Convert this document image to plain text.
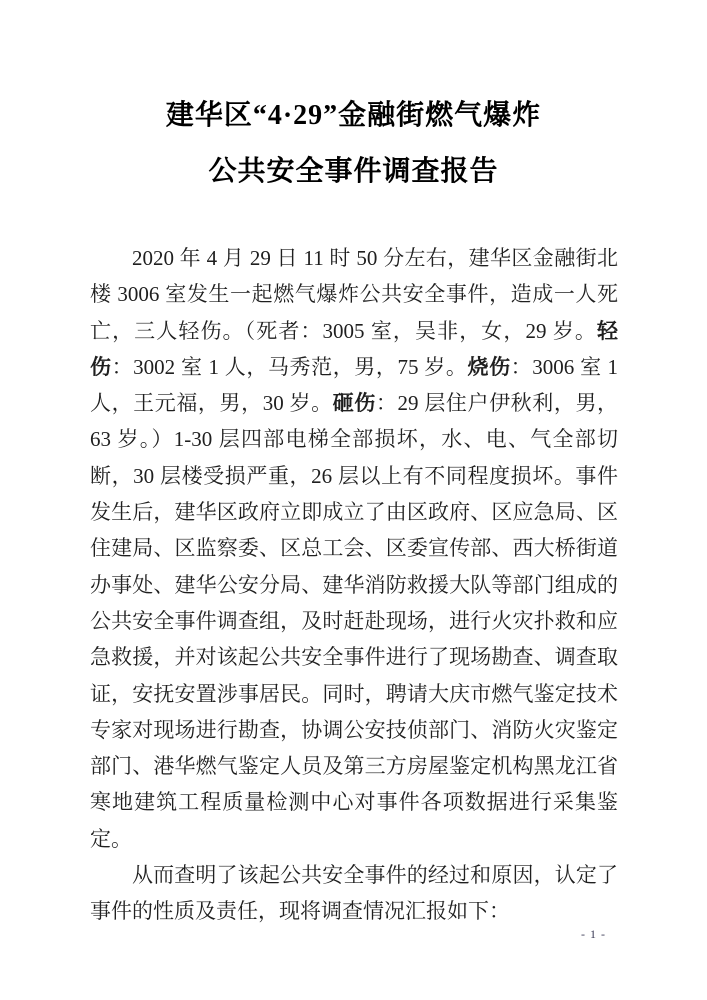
建华区“4·29”金融街燃气爆炸
公共安全事件调查报告

2020 年 4 月 29 日 11 时 50 分左右，建华区金融街北楼 3006 室发生一起燃气爆炸公共安全事件，造成一人死亡，三人轻伤。（死者：3005 室，吴非，女，29 岁。轻伤：3002 室 1 人，马秀范，男，75 岁。烧伤：3006 室 1 人，王元福，男，30 岁。砸伤：29 层住户伊秋利，男，63 岁。）1-30 层四部电梯全部损坏，水、电、气全部切断，30 层楼受损严重，26 层以上有不同程度损坏。事件发生后，建华区政府立即成立了由区政府、区应急局、区住建局、区监察委、区总工会、区委宣传部、西大桥街道办事处、建华公安分局、建华消防救援大队等部门组成的公共安全事件调查组，及时赶赴现场，进行火灾扑救和应急救援，并对该起公共安全事件进行了现场勘查、调查取证，安抚安置涉事居民。同时，聘请大庆市燃气鉴定技术专家对现场进行勘查，协调公安技侦部门、消防火灾鉴定部门、港华燃气鉴定人员及第三方房屋鉴定机构黑龙江省寒地建筑工程质量检测中心对事件各项数据进行采集鉴定。

从而查明了该起公共安全事件的经过和原因，认定了事件的性质及责任，现将调查情况汇报如下：

- 1 -
